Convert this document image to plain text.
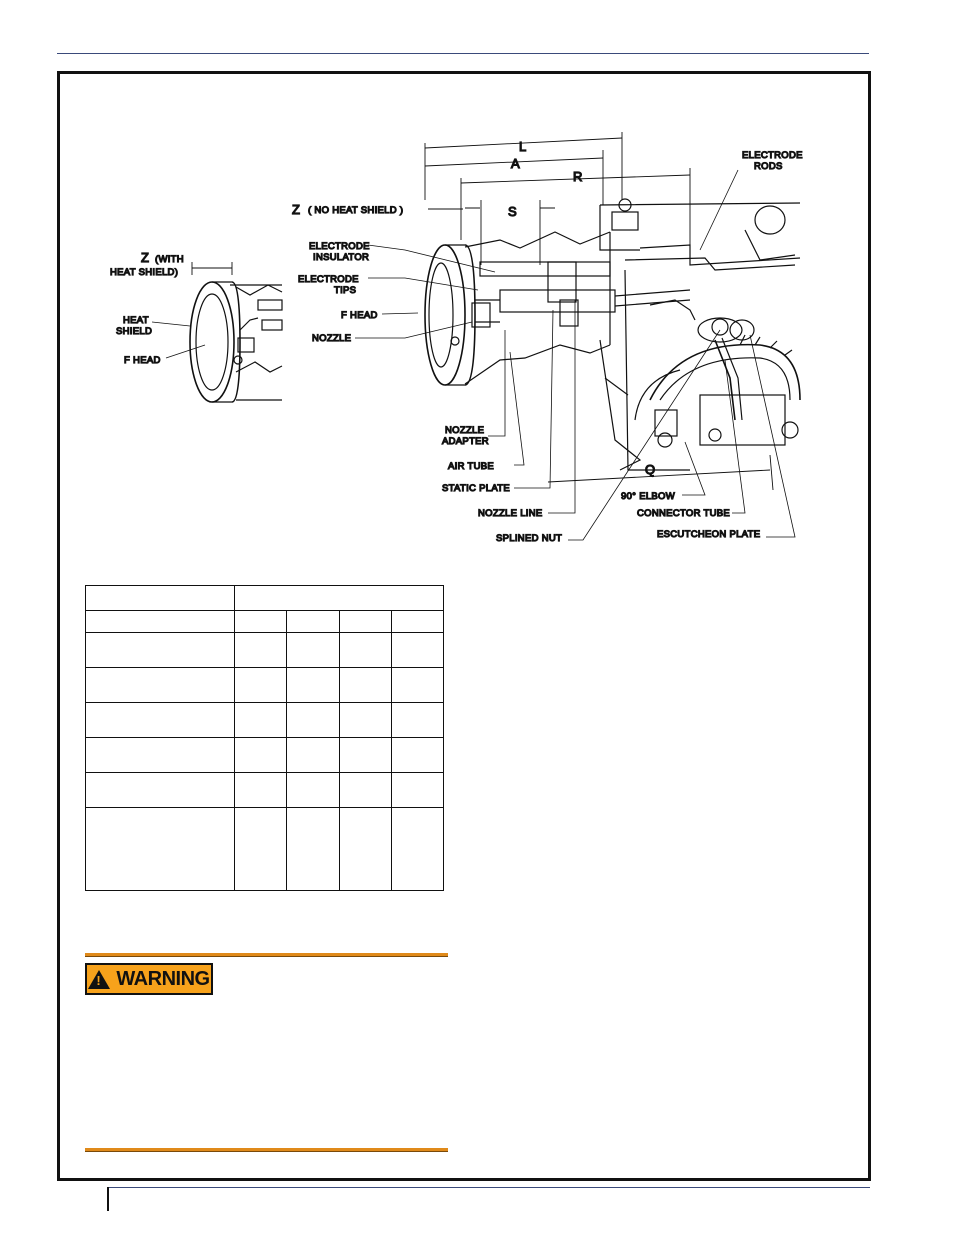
Z (WITH
HEAT SHIELD)
HEAT
SHIELD
F HEAD
L
A
R
Z ( NO HEAT SHIELD )	S
Q
ELECTRODE
RODS
ELECTRODE
INSULATOR
ELECTRODE
TIPS
F HEAD
NOZZLE
NOZZLE
ADAPTER
AIR TUBE
STATIC PLATE
NOZZLE LINE
SPLINED NUT
90° ELBOW
CONNECTOR TUBE
ESCUTCHEON PLATE

! WARNING
